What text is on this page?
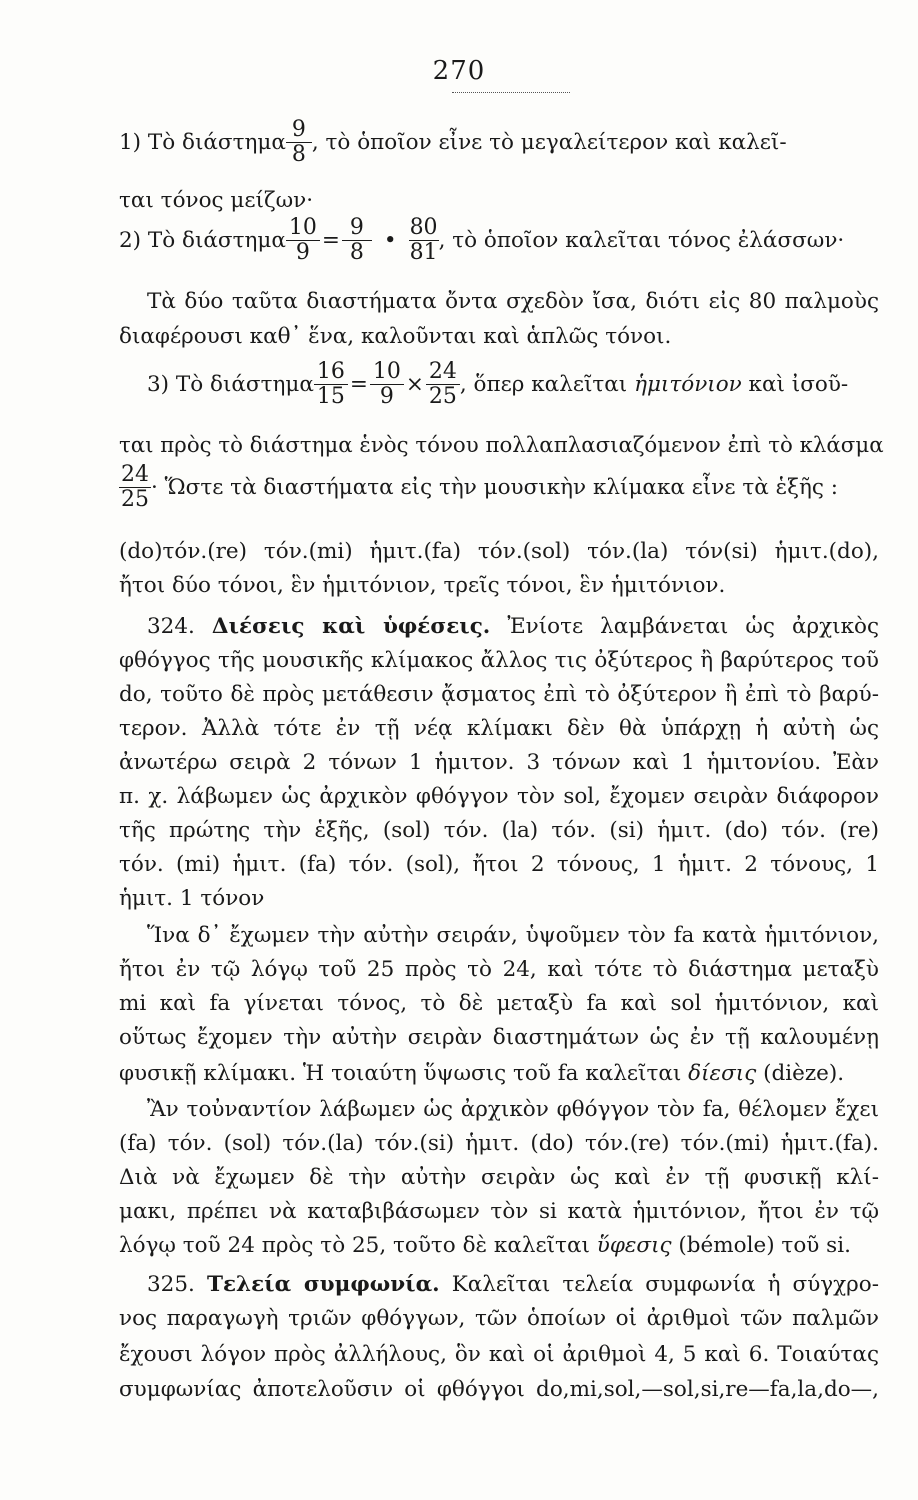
270
1) Τὸ διάστημα $\frac{9}{8}$ , τὸ ὁποῖον εἶνε τὸ μεγαλείτερον καὶ καλεῖ-
ται τόνος μείζων·
2) Τὸ διάστημα $\frac{10}{9} = \frac{9}{8}$ • $\frac{80}{81}$ , τὸ ὁποῖον καλεῖται τόνος ἐλάσσων·
Τὰ δύο ταῦτα διαστήματα ὄντα σχεδὸν ἴσα, διότι εἰς 80 παλμοὺς
διαφέρουσι καθ᾽ ἕνα, καλοῦνται καὶ ἁπλῶς τόνοι.
3) Τὸ διάστημα $\frac{16}{15} = \frac{10}{9} \times \frac{24}{25}$ , ὅπερ καλεῖται ἡμιτόνιον καὶ ἰσοῦ-
ται πρὸς τὸ διάστημα ἑνὸς τόνου πολλαπλασιαζόμενον ἐπὶ τὸ κλάσμα
$\frac{24}{25}$ · Ὥστε τὰ διαστήματα εἰς τὴν μουσικὴν κλίμακα εἶνε τὰ ἑξῆς :
(do)τόν.(re) τόν.(mi) ἡμιτ.(fa) τόν.(sol) τόν.(la) τόν(si) ἡμιτ.(do),
ἤτοι δύο τόνοι, ἓν ἡμιτόνιον, τρεῖς τόνοι, ἓν ἡμιτόνιον.
324. Διέσεις καὶ ὑφέσεις. Ἐνίοτε λαμβάνεται ὡς ἀρχικὸς
φθόγγος τῆς μουσικῆς κλίμακος ἄλλος τις ὀξύτερος ἢ βαρύτερος τοῦ
do, τοῦτο δὲ πρὸς μετάθεσιν ᾄσματος ἐπὶ τὸ ὀξύτερον ἢ ἐπὶ τὸ βαρύ-
τερον. Ἀλλὰ τότε ἐν τῇ νέᾳ κλίμακι δὲν θὰ ὑπάρχῃ ἡ αὐτὴ ὡς
ἀνωτέρω σειρὰ 2 τόνων 1 ἡμιτον. 3 τόνων καὶ 1 ἡμιτονίου. Ἐὰν
π. χ. λάβωμεν ὡς ἀρχικὸν φθόγγον τὸν sol, ἔχομεν σειρὰν διάφορον
τῆς πρώτης τὴν ἑξῆς, (sol) τόν. (la) τόν. (si) ἡμιτ. (do) τόν. (re)
τόν. (mi) ἡμιτ. (fa) τόν. (sol), ἤτοι 2 τόνους, 1 ἡμιτ. 2 τόνους, 1
ἡμιτ. 1 τόνον
Ἵνα δ᾽ ἔχωμεν τὴν αὐτὴν σειράν, ὑψοῦμεν τὸν fa κατὰ ἡμιτόνιον,
ἤτοι ἐν τῷ λόγῳ τοῦ 25 πρὸς τὸ 24, καὶ τότε τὸ διάστημα μεταξὺ
mi καὶ fa γίνεται τόνος, τὸ δὲ μεταξὺ fa καὶ sol ἡμιτόνιον, καὶ
οὕτως ἔχομεν τὴν αὐτὴν σειρὰν διαστημάτων ὡς ἐν τῇ καλουμένῃ
φυσικῇ κλίμακι. Ἡ τοιαύτη ὕψωσις τοῦ fa καλεῖται δίεσις (dièze).
Ἂν τοὐναντίον λάβωμεν ὡς ἀρχικὸν φθόγγον τὸν fa, θέλομεν ἔχει
(fa) τόν. (sol) τόν.(la) τόν.(si) ἡμιτ. (do) τόν.(re) τόν.(mi) ἡμιτ.(fa).
Διὰ νὰ ἔχωμεν δὲ τὴν αὐτὴν σειρὰν ὡς καὶ ἐν τῇ φυσικῇ κλί-
μακι, πρέπει νὰ καταβιβάσωμεν τὸν si κατὰ ἡμιτόνιον, ἤτοι ἐν τῷ
λόγῳ τοῦ 24 πρὸς τὸ 25, τοῦτο δὲ καλεῖται ὕφεσις (bémole) τοῦ si.
325. Τελεία συμφωνία. Καλεῖται τελεία συμφωνία ἡ σύγχρο-
νος παραγωγὴ τριῶν φθόγγων, τῶν ὁποίων οἱ ἀριθμοὶ τῶν παλμῶν
ἔχουσι λόγον πρὸς ἀλλήλους, ὃν καὶ οἱ ἀριθμοὶ 4, 5 καὶ 6. Τοιαύτας
συμφωνίας ἀποτελοῦσιν οἱ φθόγγοι do,mi,sol,—sol,si,re—fa,la,do—,
